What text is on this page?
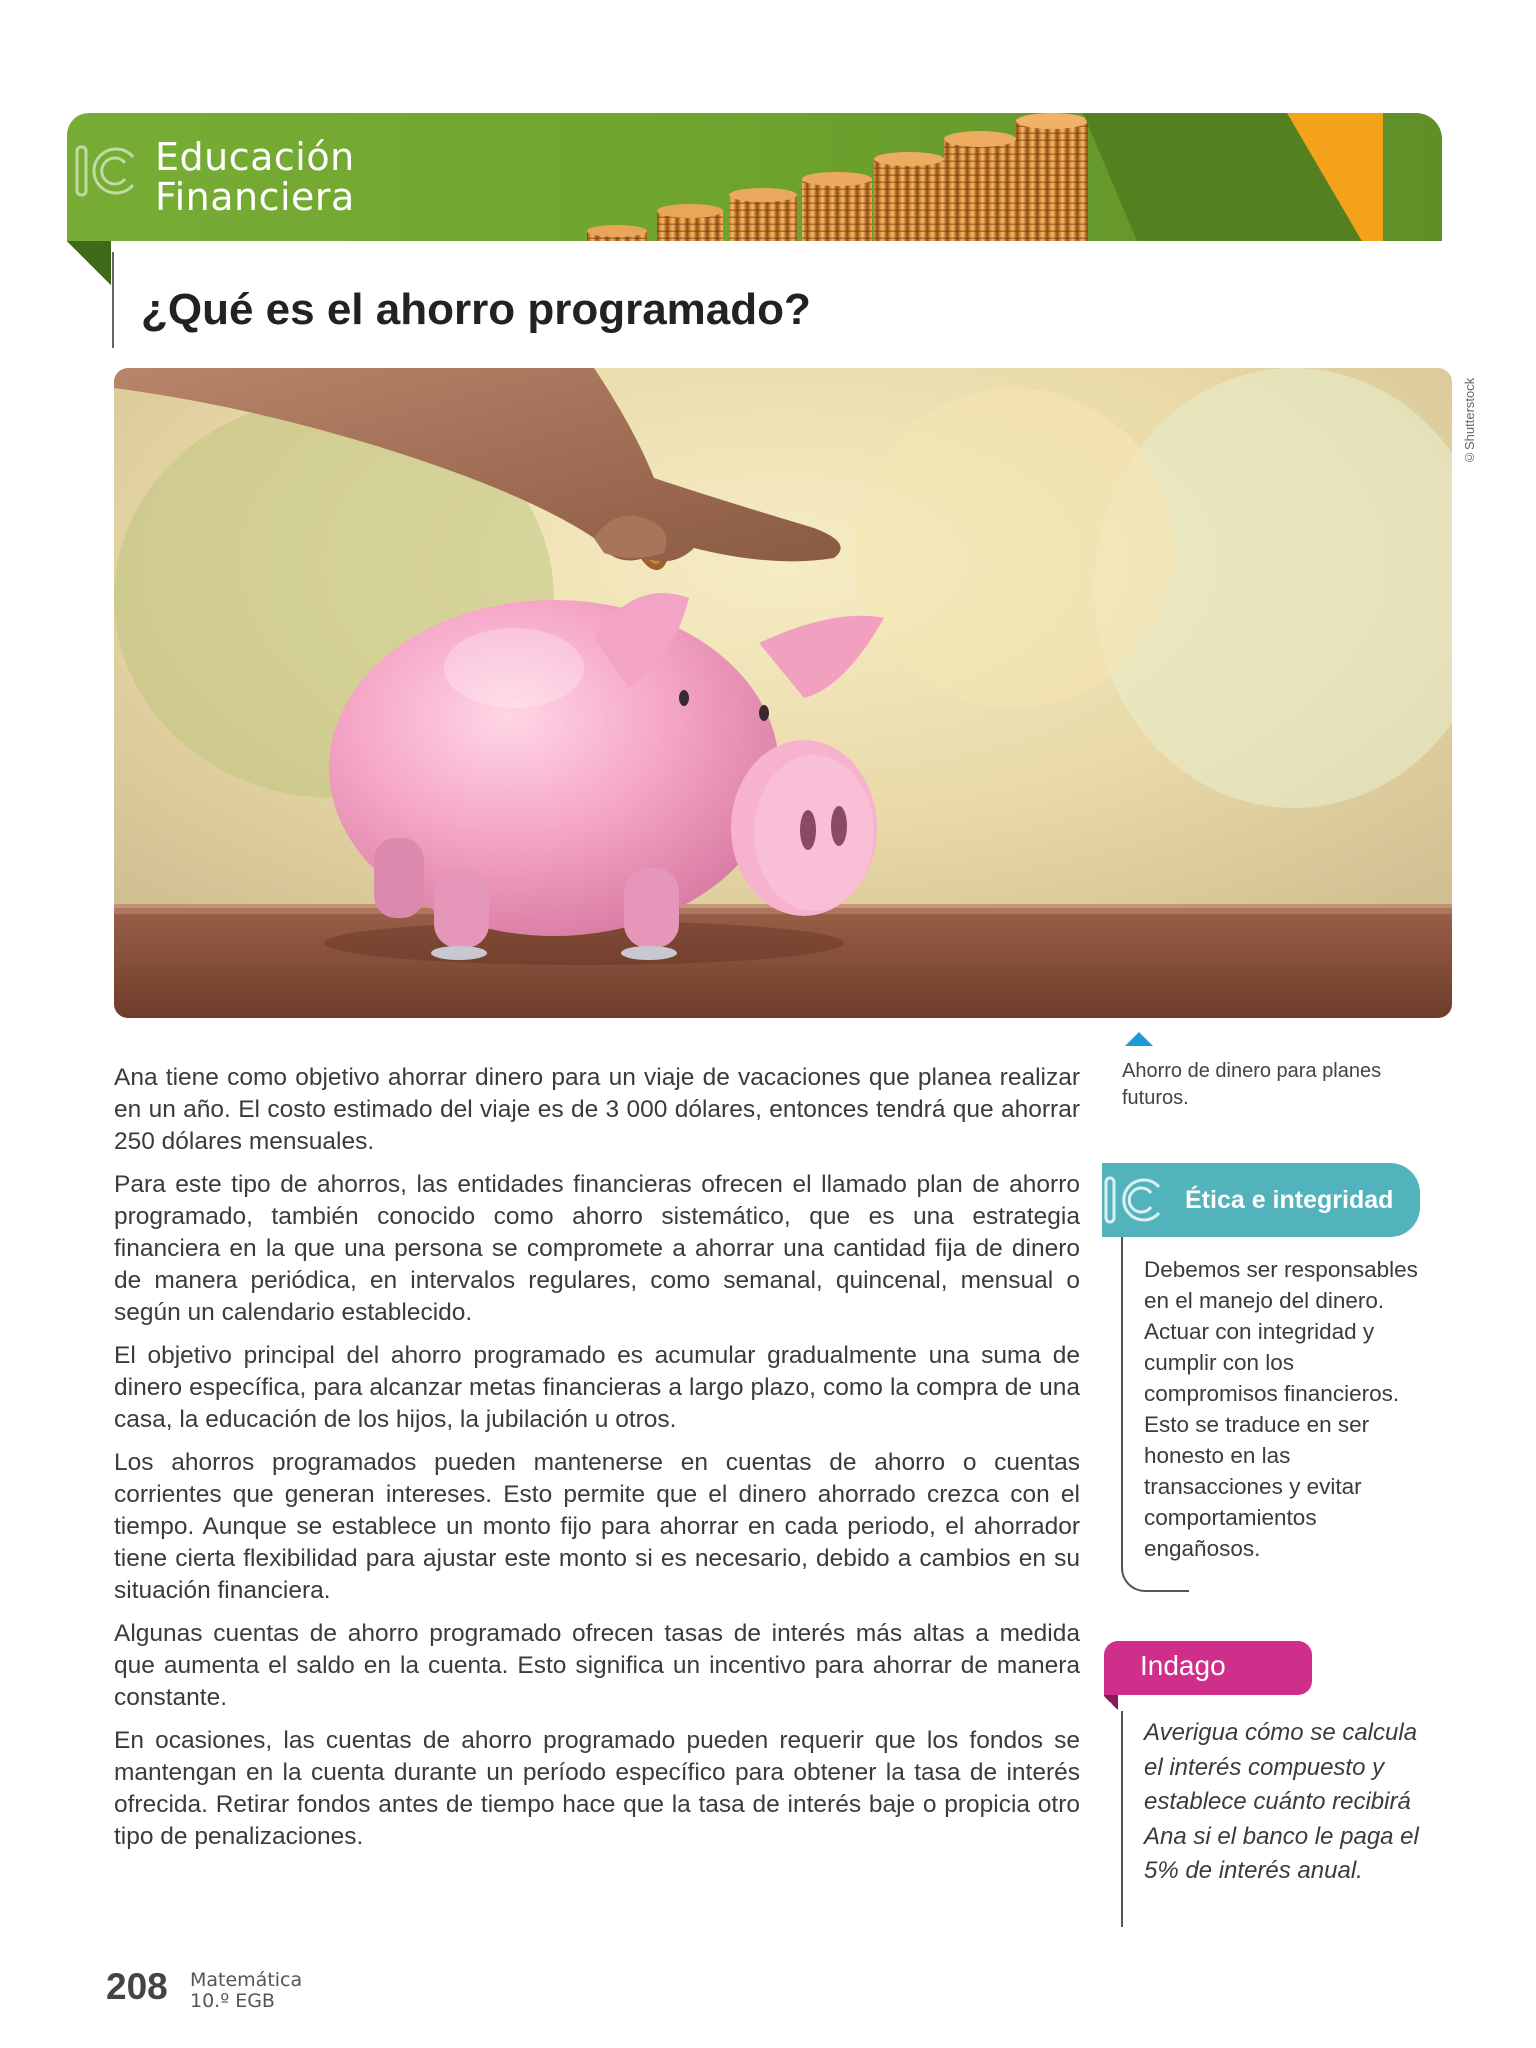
Educación
Financiera
DUA
Participación
¿Qué es el ahorro programado?
©Shutterstock
Ahorro de dinero para planes futuros.

Ana tiene como objetivo ahorrar dinero para un viaje de vacaciones que planea realizar en un año. El costo estimado del viaje es de 3 000 dólares, entonces tendrá que ahorrar 250 dólares mensuales.

Para este tipo de ahorros, las entidades financieras ofrecen el llamado plan de ahorro programado, también conocido como ahorro sistemático, que es una estrategia financiera en la que una persona se compromete a ahorrar una cantidad fija de dinero de manera periódica, en intervalos regulares, como semanal, quincenal, mensual o según un calendario establecido.

El objetivo principal del ahorro programado es acumular gradualmente una suma de dinero específica, para alcanzar metas financieras a largo plazo, como la compra de una casa, la educación de los hijos, la jubilación u otros.

Los ahorros programados pueden mantenerse en cuentas de ahorro o cuentas corrientes que generan intereses. Esto permite que el dinero ahorrado crezca con el tiempo. Aunque se establece un monto fijo para ahorrar en cada periodo, el ahorrador tiene cierta flexibilidad para ajustar este monto si es necesario, debido a cambios en su situación financiera.

Algunas cuentas de ahorro programado ofrecen tasas de interés más altas a medida que aumenta el saldo en la cuenta. Esto significa un incentivo para ahorrar de manera constante.

En ocasiones, las cuentas de ahorro programado pueden requerir que los fondos se mantengan en la cuenta durante un período específico para obtener la tasa de interés ofrecida. Retirar fondos antes de tiempo hace que la tasa de interés baje o propicia otro tipo de penalizaciones.

Ética e integridad
Debemos ser responsables en el manejo del dinero. Actuar con integridad y cumplir con los compromisos financieros. Esto se traduce en ser honesto en las transacciones y evitar comportamientos engañosos.
Indago
Averigua cómo se calcula el interés compuesto y establece cuánto recibirá Ana si el banco le paga el 5% de interés anual.
208 Matemática
10.º EGB
